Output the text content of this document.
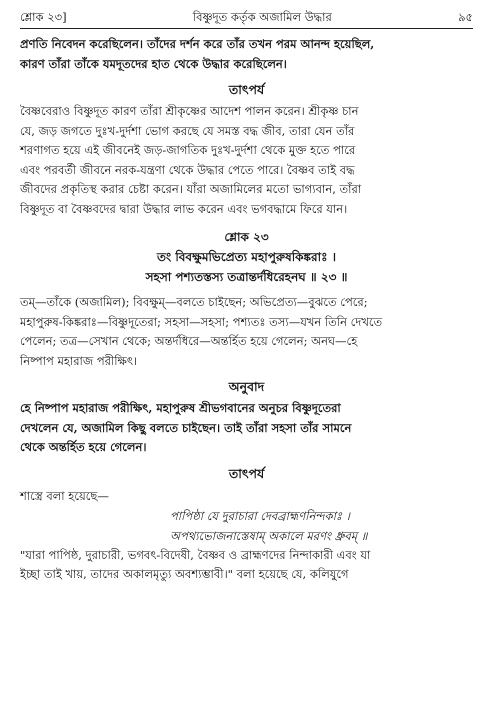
শ্লোক ২৩]	বিষ্ণুদূত কর্তৃক অজামিল উদ্ধার	৯৫

প্রণতি নিবেদন করেছিলেন। তাঁদের দর্শন করে তাঁর তখন পরম আনন্দ হয়েছিল,

কারণ তাঁরা তাঁকে যমদূতদের হাত থেকে উদ্ধার করেছিলেন।

তাৎপর্য

বৈষ্ণবেরাও বিষ্ণুদূত কারণ তাঁরা শ্রীকৃষ্ণের আদেশ পালন করেন। শ্রীকৃষ্ণ চান

যে, জড় জগতে দুঃখ-দুর্দশা ভোগ করছে যে সমস্ত বদ্ধ জীব, তারা যেন তাঁর

শরণাগত হয়ে এই জীবনেই জড়-জাগতিক দুঃখ-দুর্দশা থেকে মুক্ত হতে পারে

এবং পরবর্তী জীবনে নরক-যন্ত্রণা থেকে উদ্ধার পেতে পারে। বৈষ্ণব তাই বদ্ধ

জীবদের প্রকৃতিস্থ করার চেষ্টা করেন। যাঁরা অজামিলের মতো ভাগ্যবান, তাঁরা

বিষ্ণুদূত বা বৈষ্ণবদের দ্বারা উদ্ধার লাভ করেন এবং ভগবদ্ধামে ফিরে যান।

শ্লোক ২৩
তং বিবক্ষুমভিপ্রেত্য মহাপুরুষকিঙ্করাঃ ।
সহসা পশ্যতস্তস্য তত্রান্তর্দধিরেহনঘ ॥ ২৩ ॥

তম্—তাঁকে (অজামিল); বিবক্ষুম্—বলতে চাইছেন; অভিপ্রেত্য—বুঝতে পেরে;

মহাপুরুষ-কিঙ্করাঃ—বিষ্ণুদূতেরা; সহসা—সহসা; পশ্যতঃ তস্য—যখন তিনি দেখতে

পেলেন; তত্র—সেখান থেকে; অন্তর্দধিরে—অন্তর্হিত হয়ে গেলেন; অনঘ—হে

নিষ্পাপ মহারাজ পরীক্ষিৎ।

অনুবাদ

হে নিষ্পাপ মহারাজ পরীক্ষিৎ, মহাপুরুষ শ্রীভগবানের অনুচর বিষ্ণুদূতেরা

দেখলেন যে, অজামিল কিছু বলতে চাইছেন। তাই তাঁরা সহসা তাঁর সামনে

থেকে অন্তর্হিত হয়ে গেলেন।

তাৎপর্য
শাস্ত্রে বলা হয়েছে—
পাপিষ্ঠা যে দুরাচারা দেবব্রাহ্মণনিন্দকাঃ ।
অপথ্যভোজনাস্তেষাম্ অকালে মরণং ধ্রুবম্ ॥

"যারা পাপিষ্ঠ, দুরাচারী, ভগবৎ-বিদেষী, বৈষ্ণব ও ব্রাহ্মণদের নিন্দাকারী এবং যা

ইচ্ছা তাই খায়, তাদের অকালমৃত্যু অবশ্যম্ভাবী।" বলা হয়েছে যে, কলিযুগে
